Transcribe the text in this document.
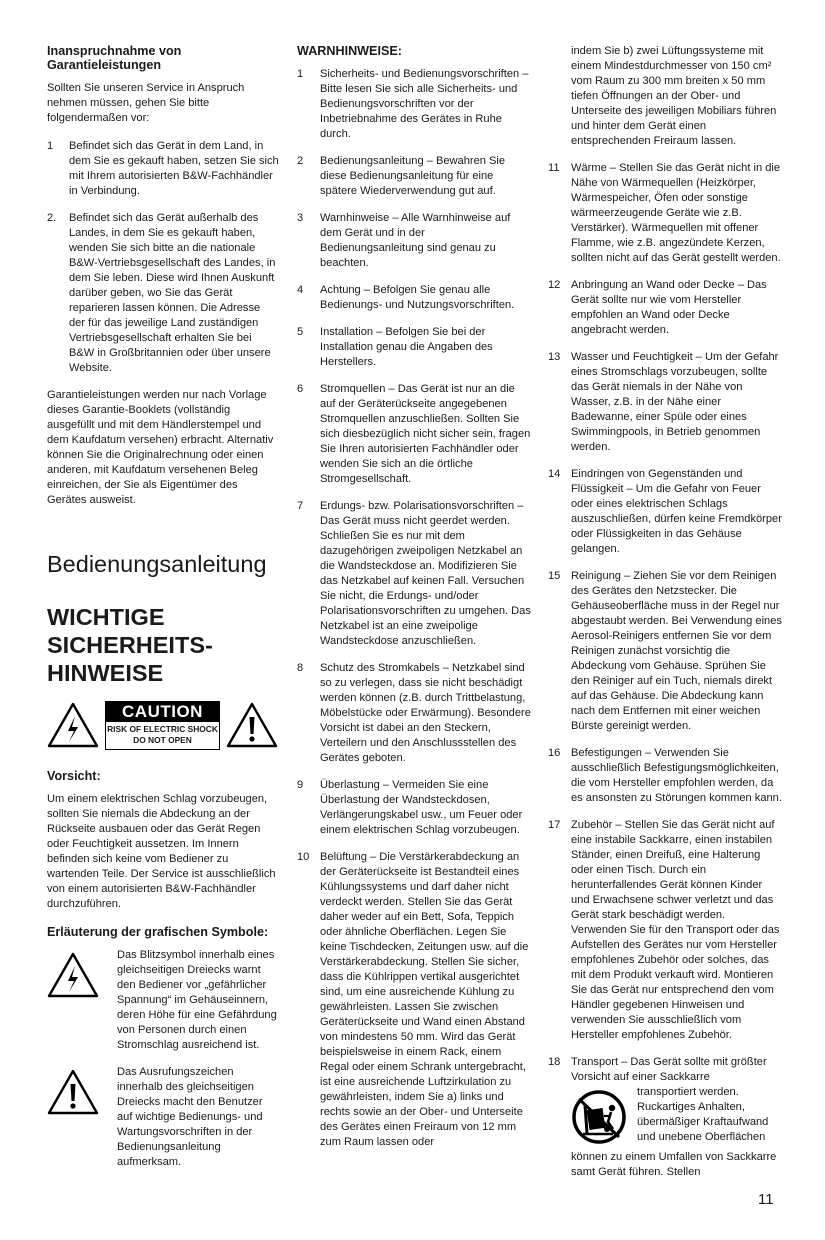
Inanspruchnahme von Garantieleistungen

Sollten Sie unseren Service in Anspruch nehmen müssen, gehen Sie bitte folgendermaßen vor:

1	Befindet sich das Gerät in dem Land, in dem Sie es gekauft haben, setzen Sie sich mit Ihrem autorisierten B&W-Fachhändler in Verbindung.
2.	Befindet sich das Gerät außerhalb des Landes, in dem Sie es gekauft haben, wenden Sie sich bitte an die nationale B&W-Vertriebsgesellschaft des Landes, in dem Sie leben. Diese wird Ihnen Auskunft darüber geben, wo Sie das Gerät reparieren lassen können. Die Adresse der für das jeweilige Land zuständigen Vertriebsgesellschaft erhalten Sie bei B&W in Großbritannien oder über unsere Website.

Garantieleistungen werden nur nach Vorlage dieses Garantie-Booklets (vollständig ausgefüllt und mit dem Händlerstempel und dem Kaufdatum versehen) erbracht. Alternativ können Sie die Originalrechnung oder einen anderen, mit Kaufdatum versehenen Beleg einreichen, der Sie als Eigentümer des Gerätes ausweist.

Bedienungsanleitung
WICHTIGE
SICHERHEITS-
HINWEISE
CAUTION
RISK OF ELECTRIC SHOCK
DO NOT OPEN
Vorsicht:

Um einem elektrischen Schlag vorzubeugen, sollten Sie niemals die Abdeckung an der Rückseite ausbauen oder das Gerät Regen oder Feuchtigkeit aussetzen. Im Innern befinden sich keine vom Bediener zu wartenden Teile. Der Service ist ausschließlich von einem autorisierten B&W-Fachhändler durchzuführen.

Erläuterung der grafischen Symbole:
Das Blitzsymbol innerhalb eines gleichseitigen Dreiecks warnt den Bediener vor „gefährlicher Spannung“ im Gehäuseinnern, deren Höhe für eine Gefährdung von Personen durch einen Stromschlag ausreichend ist.
Das Ausrufungszeichen innerhalb des gleichseitigen Dreiecks macht den Benutzer auf wichtige Bedienungs- und Wartungsvorschriften in der Bedienungsanleitung aufmerksam.
WARNHINWEISE:
1	Sicherheits- und Bedienungsvorschriften – Bitte lesen Sie sich alle Sicherheits- und Bedienungsvorschriften vor der Inbetriebnahme des Gerätes in Ruhe durch.
2	Bedienungsanleitung – Bewahren Sie diese Bedienungsanleitung für eine spätere Wiederverwendung gut auf.
3	Warnhinweise – Alle Warnhinweise auf dem Gerät und in der Bedienungsanleitung sind genau zu beachten.
4	Achtung – Befolgen Sie genau alle Bedienungs- und Nutzungsvorschriften.
5	Installation – Befolgen Sie bei der Installation genau die Angaben des Herstellers.
6	Stromquellen – Das Gerät ist nur an die auf der Geräterückseite angegebenen Stromquellen anzuschließen. Sollten Sie sich diesbezüglich nicht sicher sein, fragen Sie Ihren autorisierten Fachhändler oder wenden Sie sich an die örtliche Stromgesellschaft.
7	Erdungs- bzw. Polarisationsvorschriften – Das Gerät muss nicht geerdet werden. Schließen Sie es nur mit dem dazugehörigen zweipoligen Netzkabel an die Wandsteckdose an. Modifizieren Sie das Netzkabel auf keinen Fall. Versuchen Sie nicht, die Erdungs- und/oder Polarisationsvorschriften zu umgehen. Das Netzkabel ist an eine zweipolige Wandsteckdose anzuschließen.
8	Schutz des Stromkabels – Netzkabel sind so zu verlegen, dass sie nicht beschädigt werden können (z.B. durch Trittbelastung, Möbelstücke oder Erwärmung). Besondere Vorsicht ist dabei an den Steckern, Verteilern und den Anschlussstellen des Gerätes geboten.
9	Überlastung – Vermeiden Sie eine Überlastung der Wandsteckdosen, Verlängerungskabel usw., um Feuer oder einem elektrischen Schlag vorzubeugen.
10 Belüftung – Die Verstärkerabdeckung an der Geräterückseite ist Bestandteil eines Kühlungssystems und darf daher nicht verdeckt werden. Stellen Sie das Gerät daher weder auf ein Bett, Sofa, Teppich oder ähnliche Oberflächen. Legen Sie keine Tischdecken, Zeitungen usw. auf die Verstärkerabdeckung. Stellen Sie sicher, dass die Kühlrippen vertikal ausgerichtet sind, um eine ausreichende Kühlung zu gewährleisten. Lassen Sie zwischen Geräterückseite und Wand einen Abstand von mindestens 50 mm. Wird das Gerät beispielsweise in einem Rack, einem Regal oder einem Schrank untergebracht, ist eine ausreichende Luftzirkulation zu gewährleisten, indem Sie a) links und rechts sowie an der Ober- und Unterseite des Gerätes einen Freiraum von 12 mm zum Raum lassen oder
indem Sie b) zwei Lüftungssysteme mit einem Mindestdurchmesser von 150 cm² vom Raum zu 300 mm breiten x 50 mm tiefen Öffnungen an der Ober- und Unterseite des jeweiligen Mobiliars führen und hinter dem Gerät einen entsprechenden Freiraum lassen.
11	Wärme – Stellen Sie das Gerät nicht in die Nähe von Wärmequellen (Heizkörper, Wärmespeicher, Öfen oder sonstige wärmeerzeugende Geräte wie z.B. Verstärker). Wärmequellen mit offener Flamme, wie z.B. angezündete Kerzen, sollten nicht auf das Gerät gestellt werden.
12 Anbringung an Wand oder Decke – Das Gerät sollte nur wie vom Hersteller empfohlen an Wand oder Decke angebracht werden.
13 Wasser und Feuchtigkeit – Um der Gefahr eines Stromschlags vorzubeugen, sollte das Gerät niemals in der Nähe von Wasser, z.B. in der Nähe einer Badewanne, einer Spüle oder eines Swimmingpools, in Betrieb genommen werden.
14 Eindringen von Gegenständen und Flüssigkeit – Um die Gefahr von Feuer oder eines elektrischen Schlags auszuschließen, dürfen keine Fremdkörper oder Flüssigkeiten in das Gehäuse gelangen.
15 Reinigung – Ziehen Sie vor dem Reinigen des Gerätes den Netzstecker. Die Gehäuseoberfläche muss in der Regel nur abgestaubt werden. Bei Verwendung eines Aerosol-Reinigers entfernen Sie vor dem Reinigen zunächst vorsichtig die Abdeckung vom Gehäuse. Sprühen Sie den Reiniger auf ein Tuch, niemals direkt auf das Gehäuse. Die Abdeckung kann nach dem Entfernen mit einer weichen Bürste gereinigt werden.
16 Befestigungen – Verwenden Sie ausschließlich Befestigungsmöglichkeiten, die vom Hersteller empfohlen werden, da es ansonsten zu Störungen kommen kann.
17 Zubehör – Stellen Sie das Gerät nicht auf eine instabile Sackkarre, einen instabilen Ständer, einen Dreifuß, eine Halterung oder einen Tisch. Durch ein herunterfallendes Gerät können Kinder und Erwachsene schwer verletzt und das Gerät stark beschädigt werden. Verwenden Sie für den Transport oder das Aufstellen des Gerätes nur vom Hersteller empfohlenes Zubehör oder solches, das mit dem Produkt verkauft wird. Montieren Sie das Gerät nur entsprechend den vom Händler gegebenen Hinweisen und verwenden Sie ausschließlich vom Hersteller empfohlenes Zubehör.
18 Transport – Das Gerät sollte mit größter Vorsicht auf einer Sackkarre
transportiert werden. Ruckartiges Anhalten, übermäßiger Kraftaufwand und unebene Oberflächen
können zu einem Umfallen von Sackkarre samt Gerät führen. Stellen
11
